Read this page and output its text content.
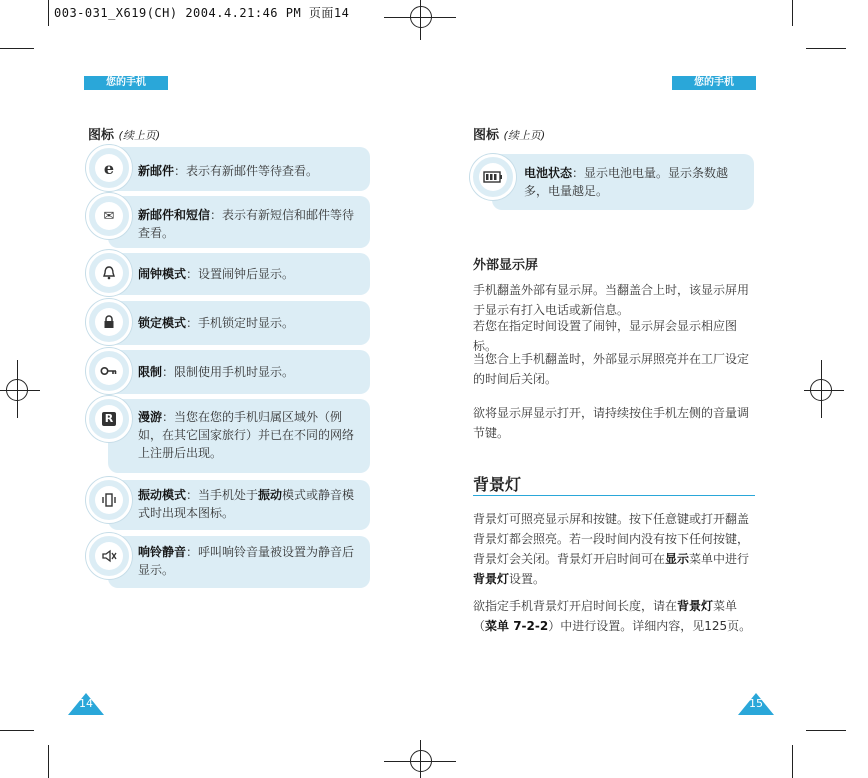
003-031_X619(CH) 2004.4.21:46 PM 页面14
您的手机
图标 (续上页)
e 新邮件：表示有新邮件等待查看。
✉ 新邮件和短信：表示有新短信和邮件等待查看。
闹钟模式：设置闹钟后显示。
锁定模式：手机锁定时显示。
限制：限制使用手机时显示。
R 漫游：当您在您的手机归属区域外（例如，在其它国家旅行）并已在不同的网络上注册后出现。
振动模式：当手机处于振动模式或静音模式时出现本图标。
响铃静音：呼叫响铃音量被设置为静音后显示。
14
您的手机
图标 (续上页)
电池状态：显示电池电量。显示条数越多，电量越足。
外部显示屏
手机翻盖外部有显示屏。当翻盖合上时，该显示屏用于显示有打入电话或新信息。
若您在指定时间设置了闹钟，显示屏会显示相应图标。
当您合上手机翻盖时，外部显示屏照亮并在工厂设定的时间后关闭。
欲将显示屏显示打开，请持续按住手机左侧的音量调节键。
背景灯
背景灯可照亮显示屏和按键。按下任意键或打开翻盖背景灯都会照亮。若一段时间内没有按下任何按键，背景灯会关闭。背景灯开启时间可在显示菜单中进行背景灯设置。
欲指定手机背景灯开启时间长度，请在背景灯菜单（菜单 7-2-2）中进行设置。详细内容，见125页。
15
